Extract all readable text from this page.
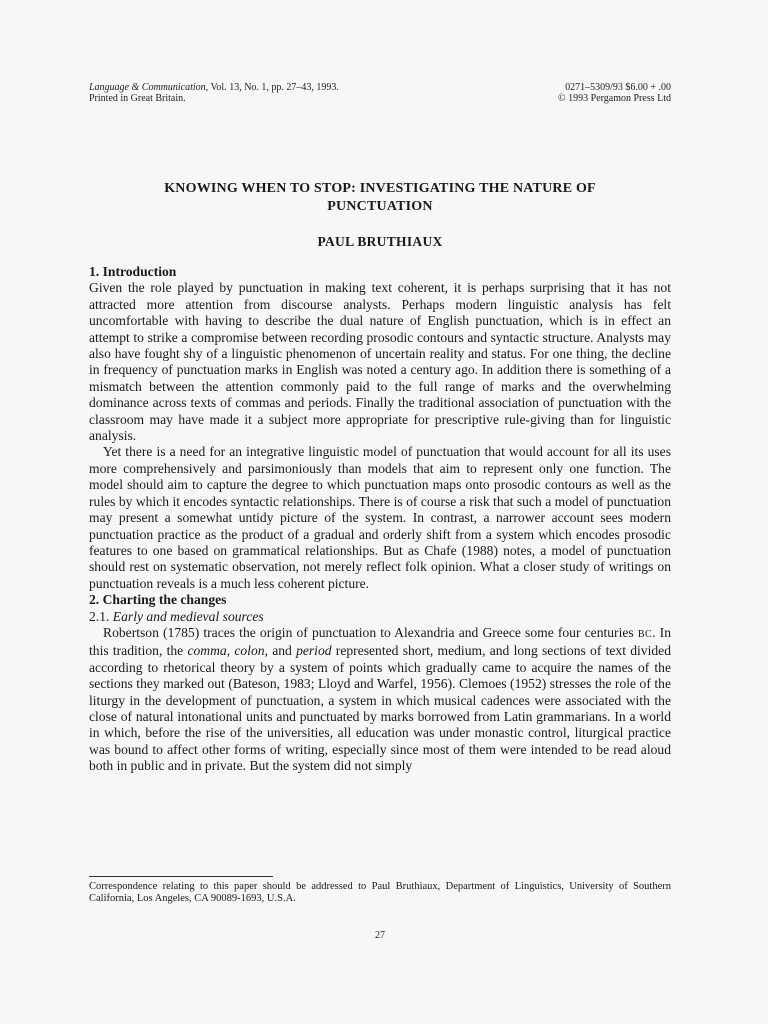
Language & Communication, Vol. 13, No. 1, pp. 27–43, 1993.
Printed in Great Britain.
0271–5309/93 $6.00 + .00
© 1993 Pergamon Press Ltd
KNOWING WHEN TO STOP: INVESTIGATING THE NATURE OF
PUNCTUATION
PAUL BRUTHIAUX
1. Introduction

Given the role played by punctuation in making text coherent, it is perhaps surprising that it has not attracted more attention from discourse analysts. Perhaps modern linguistic analysis has felt uncomfortable with having to describe the dual nature of English punctuation, which is in effect an attempt to strike a compromise between recording prosodic contours and syntactic structure. Analysts may also have fought shy of a linguistic phenomenon of uncertain reality and status. For one thing, the decline in frequency of punctuation marks in English was noted a century ago. In addition there is something of a mismatch between the attention commonly paid to the full range of marks and the overwhelming dominance across texts of commas and periods. Finally the traditional association of punctuation with the classroom may have made it a subject more appropriate for prescriptive rule-giving than for linguistic analysis.

Yet there is a need for an integrative linguistic model of punctuation that would account for all its uses more comprehensively and parsimoniously than models that aim to represent only one function. The model should aim to capture the degree to which punctuation maps onto prosodic contours as well as the rules by which it encodes syntactic relationships. There is of course a risk that such a model of punctuation may present a somewhat untidy picture of the system. In contrast, a narrower account sees modern punctuation practice as the product of a gradual and orderly shift from a system which encodes prosodic features to one based on grammatical relationships. But as Chafe (1988) notes, a model of punctuation should rest on systematic observation, not merely reflect folk opinion. What a closer study of writings on punctuation reveals is a much less coherent picture.

2. Charting the changes
2.1. Early and medieval sources

Robertson (1785) traces the origin of punctuation to Alexandria and Greece some four centuries BC. In this tradition, the comma, colon, and period represented short, medium, and long sections of text divided according to rhetorical theory by a system of points which gradually came to acquire the names of the sections they marked out (Bateson, 1983; Lloyd and Warfel, 1956). Clemoes (1952) stresses the role of the liturgy in the development of punctuation, a system in which musical cadences were associated with the close of natural intonational units and punctuated by marks borrowed from Latin grammarians. In a world in which, before the rise of the universities, all education was under monastic control, liturgical practice was bound to affect other forms of writing, especially since most of them were intended to be read aloud both in public and in private. But the system did not simply

Correspondence relating to this paper should be addressed to Paul Bruthiaux, Department of Linguistics, University of Southern California, Los Angeles, CA 90089-1693, U.S.A.
27
